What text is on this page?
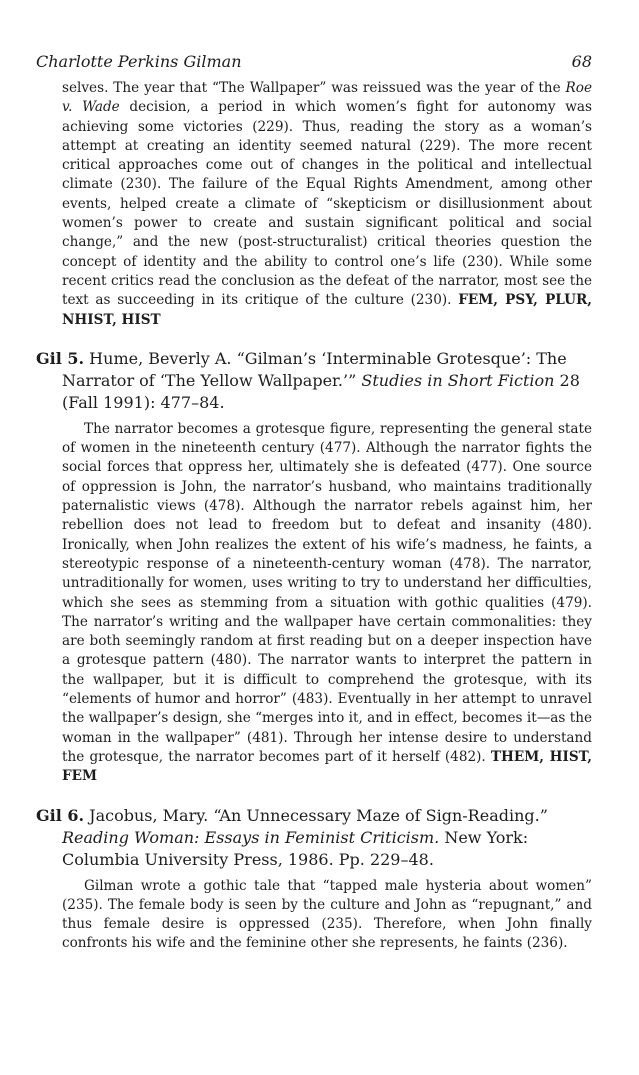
Charlotte Perkins Gilman	68

selves. The year that “The Wallpaper” was reissued was the year of the Roe v. Wade decision, a period in which women’s fight for autonomy was achieving some victories (229). Thus, reading the story as a woman’s attempt at creating an identity seemed natural (229). The more recent critical approaches come out of changes in the political and intellectual climate (230). The failure of the Equal Rights Amendment, among other events, helped create a climate of “skepticism or disillusionment about women’s power to create and sustain significant political and social change,” and the new (post-structuralist) critical theories question the concept of identity and the ability to control one’s life (230). While some recent critics read the conclusion as the defeat of the narrator, most see the text as succeeding in its critique of the culture (230). FEM, PSY, PLUR, NHIST, HIST

Gil 5. Hume, Beverly A. “Gilman’s ‘Interminable Grotesque’: The Narrator of ‘The Yellow Wallpaper.’” Studies in Short Fiction 28 (Fall 1991): 477–84.

The narrator becomes a grotesque figure, representing the general state of women in the nineteenth century (477). Although the narrator fights the social forces that oppress her, ultimately she is defeated (477). One source of oppression is John, the narrator’s husband, who maintains traditionally paternalistic views (478). Although the narrator rebels against him, her rebellion does not lead to freedom but to defeat and insanity (480). Ironically, when John realizes the extent of his wife’s madness, he faints, a stereotypic response of a nineteenth-century woman (478). The narrator, untraditionally for women, uses writing to try to understand her difficulties, which she sees as stemming from a situation with gothic qualities (479). The narrator’s writing and the wallpaper have certain commonalities: they are both seemingly random at first reading but on a deeper inspection have a grotesque pattern (480). The narrator wants to interpret the pattern in the wallpaper, but it is difficult to comprehend the grotesque, with its “elements of humor and horror” (483). Eventually in her attempt to unravel the wallpaper’s design, she “merges into it, and in effect, becomes it—as the woman in the wallpaper” (481). Through her intense desire to understand the grotesque, the narrator becomes part of it herself (482). THEM, HIST, FEM

Gil 6. Jacobus, Mary. “An Unnecessary Maze of Sign-Reading.” Reading Woman: Essays in Feminist Criticism. New York: Columbia University Press, 1986. Pp. 229–48.

Gilman wrote a gothic tale that “tapped male hysteria about women” (235). The female body is seen by the culture and John as “repugnant,” and thus female desire is oppressed (235). Therefore, when John finally confronts his wife and the feminine other she represents, he faints (236).
